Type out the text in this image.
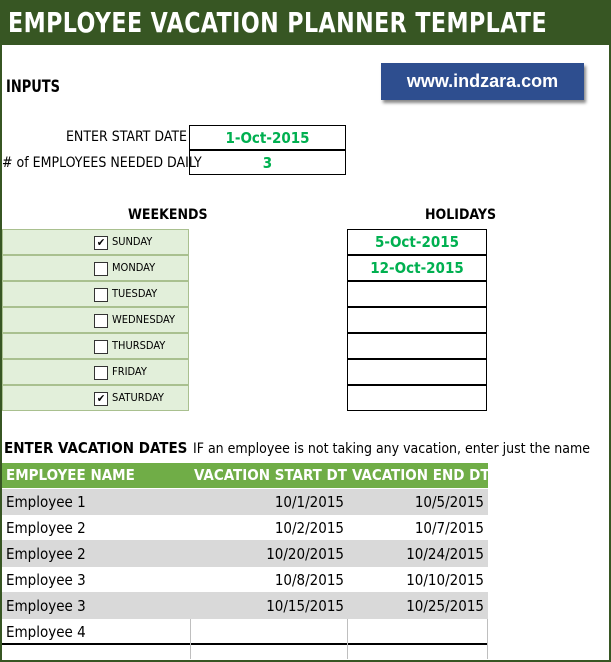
EMPLOYEE VACATION PLANNER TEMPLATE
www.indzara.com
INPUTS
ENTER START DATE	1-Oct-2015
# of EMPLOYEES NEEDED DAILY	3
WEEKENDS	HOLIDAYS
✔ SUNDAY
MONDAY
TUESDAY
WEDNESDAY
THURSDAY
FRIDAY
✔ SATURDAY
5-Oct-2015
12-Oct-2015
ENTER VACATION DATES IF an employee is not taking any vacation, enter just the name
EMPLOYEE NAME	VACATION START DT VACATION END DT
Employee 1	10/1/2015	10/5/2015
Employee 2	10/2/2015	10/7/2015
Employee 2	10/20/2015	10/24/2015
Employee 3	10/8/2015	10/10/2015
Employee 3	10/15/2015	10/25/2015
Employee 4
